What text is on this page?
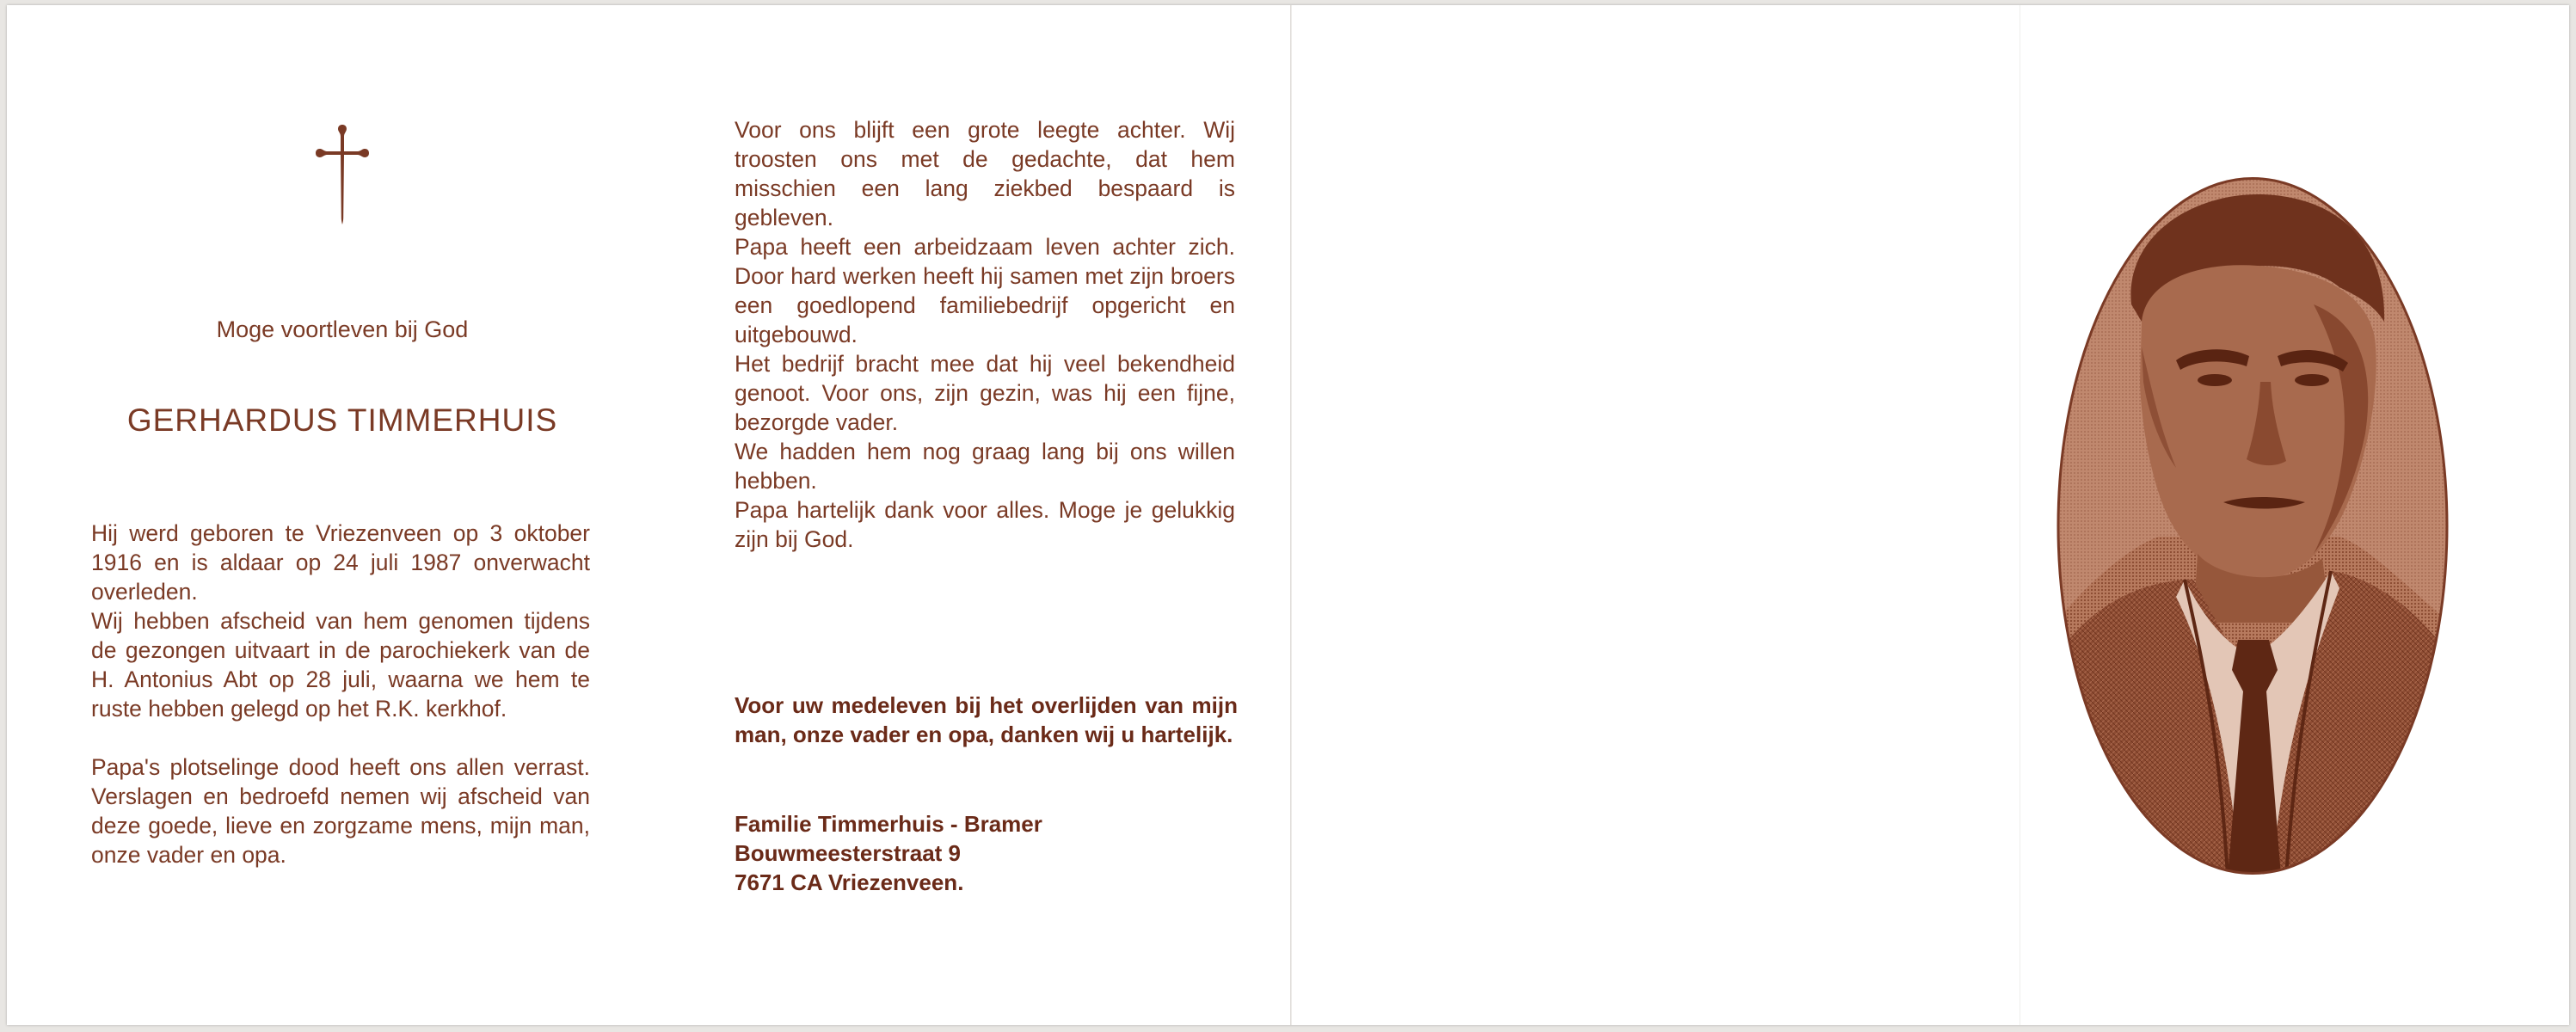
Moge voortleven bij God
GERHARDUS TIMMERHUIS

Hij werd geboren te Vriezenveen op 3 oktober 1916 en is aldaar op 24 juli 1987 onverwacht overleden.

Wij hebben afscheid van hem genomen tijdens de gezongen uitvaart in de parochiekerk van de H. Antonius Abt op 28 juli, waarna we hem te ruste hebben gelegd op het R.K. kerkhof.

Papa's plotselinge dood heeft ons allen verrast. Verslagen en bedroefd nemen wij afscheid van deze goede, lieve en zorgzame mens, mijn man, onze vader en opa.

Voor ons blijft een grote leegte achter. Wij troosten ons met de gedachte, dat hem misschien een lang ziekbed bespaard is gebleven.

Papa heeft een arbeidzaam leven achter zich. Door hard werken heeft hij samen met zijn broers een goedlopend familiebedrijf opgericht en uitgebouwd.

Het bedrijf bracht mee dat hij veel bekendheid genoot. Voor ons, zijn gezin, was hij een fijne, bezorgde vader.

We hadden hem nog graag lang bij ons willen hebben.

Papa hartelijk dank voor alles. Moge je gelukkig zijn bij God.

Voor uw medeleven bij het overlijden van mijn man, onze vader en opa, danken wij u hartelijk.
Familie Timmerhuis - Bramer
Bouwmeesterstraat 9
7671 CA Vriezenveen.
